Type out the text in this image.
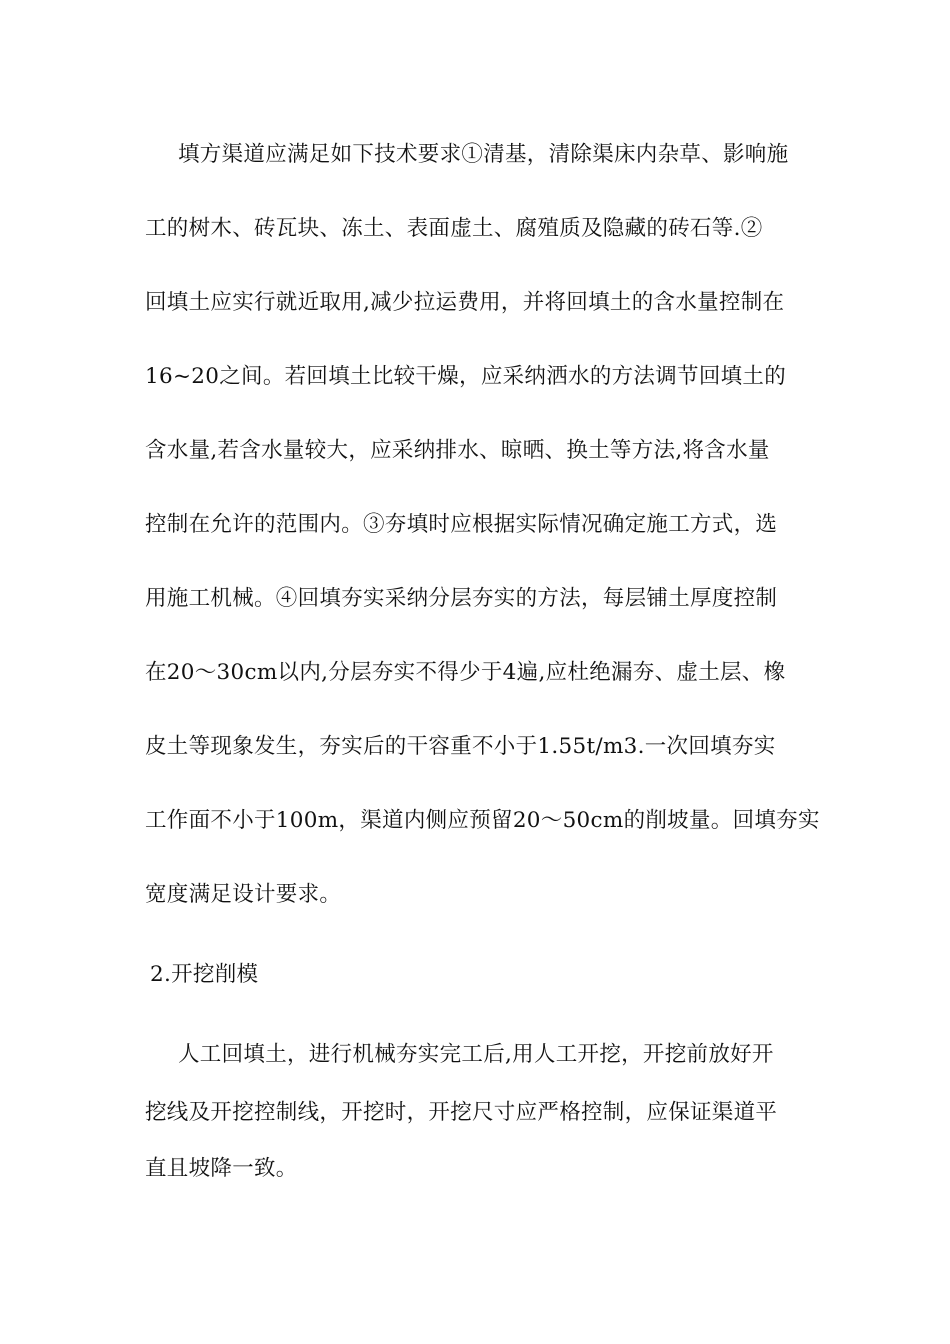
填方渠道应满足如下技术要求①清基，清除渠床内杂草、影响施
工的树木、砖瓦块、冻土、表面虚土、腐殖质及隐藏的砖石等.②
回填土应实行就近取用,减少拉运费用，并将回填土的含水量控制在
16~20之间。若回填土比较干燥，应采纳洒水的方法调节回填土的
含水量,若含水量较大，应采纳排水、晾晒、换土等方法,将含水量
控制在允许的范围内。③夯填时应根据实际情况确定施工方式，选
用施工机械。④回填夯实采纳分层夯实的方法，每层铺土厚度控制
在20～30cm以内,分层夯实不得少于4遍,应杜绝漏夯、虚土层、橡
皮土等现象发生，夯实后的干容重不小于1.55t/m3.一次回填夯实
工作面不小于100m，渠道内侧应预留20～50cm的削坡量。回填夯实
宽度满足设计要求。
2.开挖削模
人工回填土，进行机械夯实完工后,用人工开挖，开挖前放好开
挖线及开挖控制线，开挖时，开挖尺寸应严格控制，应保证渠道平
直且坡降一致。
